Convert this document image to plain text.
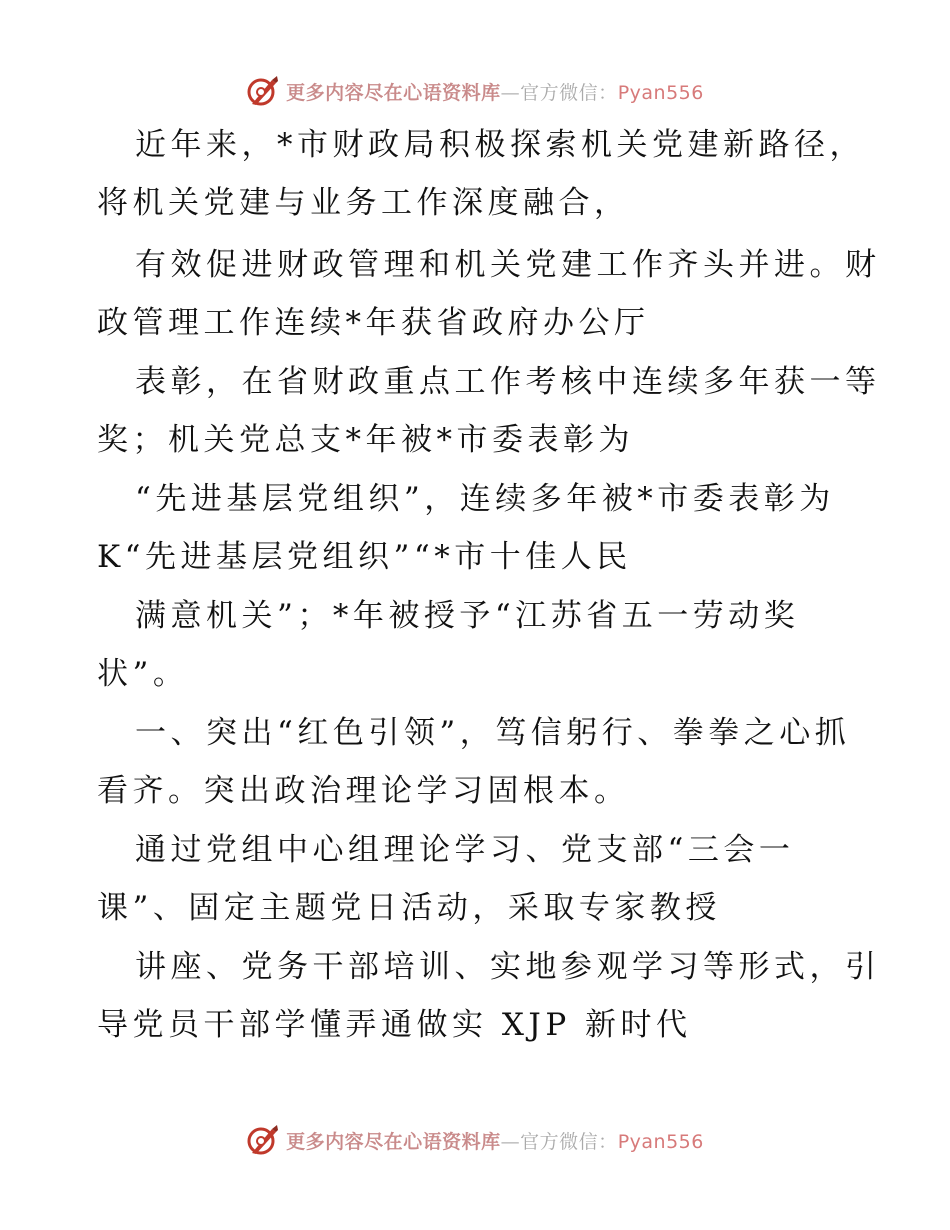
更多内容尽在心语资料库—官方微信：Pyan556
近年来，*市财政局积极探索机关党建新路径，
将机关党建与业务工作深度融合，
有效促进财政管理和机关党建工作齐头并进。财
政管理工作连续*年获省政府办公厅
表彰，在省财政重点工作考核中连续多年获一等
奖；机关党总支*年被*市委表彰为
“先进基层党组织”，连续多年被*市委表彰为
K“先进基层党组织”“*市十佳人民
满意机关”；*年被授予“江苏省五一劳动奖
状”。
一、突出“红色引领”，笃信躬行、拳拳之心抓
看齐。突出政治理论学习固根本。
通过党组中心组理论学习、党支部“三会一
课”、固定主题党日活动，采取专家教授
讲座、党务干部培训、实地参观学习等形式，引
导党员干部学懂弄通做实 XJP 新时代
更多内容尽在心语资料库—官方微信：Pyan556
